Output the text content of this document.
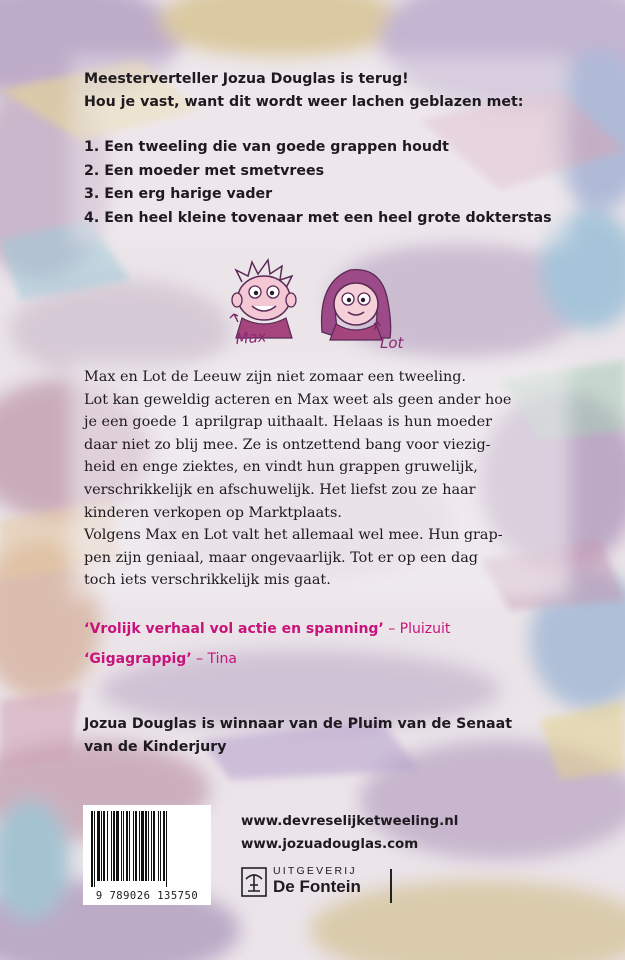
Meesterverteller Jozua Douglas is terug!
Hou je vast, want dit wordt weer lachen geblazen met:
1. Een tweeling die van goede grappen houdt
2. Een moeder met smetvrees
3. Een erg harige vader
4. Een heel kleine tovenaar met een heel grote dokterstas
Max	Lot

Max en Lot de Leeuw zijn niet zomaar een tweeling.

Lot kan geweldig acteren en Max weet als geen ander hoe

je een goede 1 aprilgrap uithaalt. Helaas is hun moeder

daar niet zo blij mee. Ze is ontzettend bang voor viezig-

heid en enge ziektes, en vindt hun grappen gruwelijk,

verschrikkelijk en afschuwelijk. Het liefst zou ze haar

kinderen verkopen op Marktplaats.

Volgens Max en Lot valt het allemaal wel mee. Hun grap-

pen zijn geniaal, maar ongevaarlijk. Tot er op een dag

toch iets verschrikkelijk mis gaat.

‘Vrolijk verhaal vol actie en spanning’ – Pluizuit
‘Gigagrappig’ – Tina
Jozua Douglas is winnaar van de Pluim van de Senaat
van de Kinderjury
9 789026 135750
www.devreselijketweeling.nl
www.jozuadouglas.com
UITGEVERIJ
De Fontein
